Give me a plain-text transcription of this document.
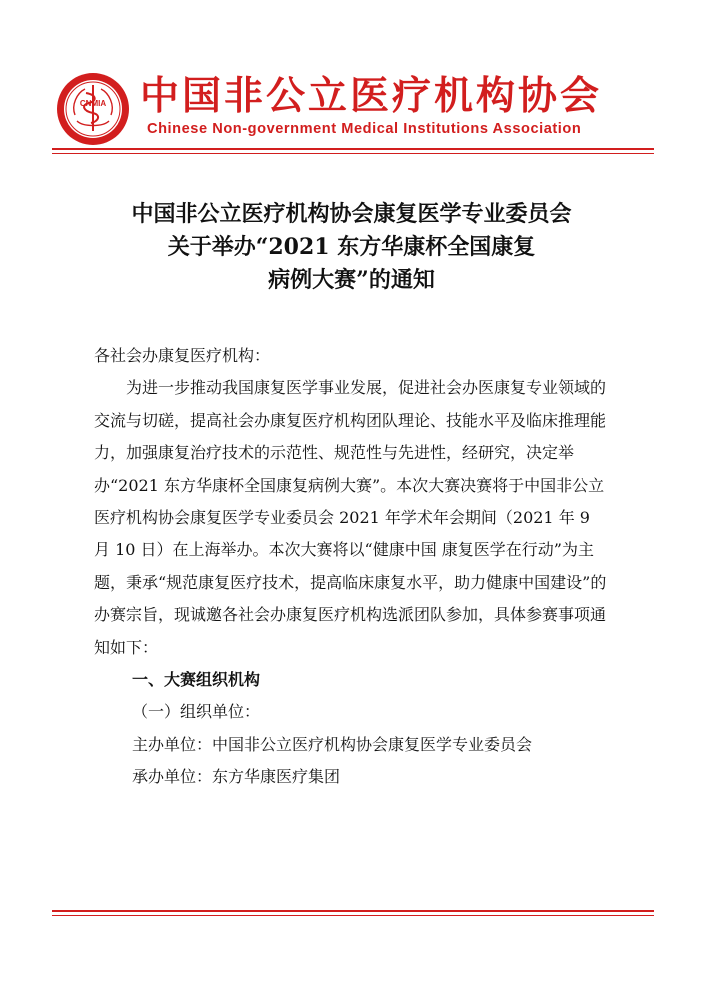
CNMIA 中国非公立医疗机构协会
Chinese Non-government Medical Institutions Association
中国非公立医疗机构协会康复医学专业委员会
关于举办“2021 东方华康杯全国康复
病例大赛”的通知

各社会办康复医疗机构：

为进一步推动我国康复医学事业发展，促进社会办医康复专业领域的交流与切磋，提高社会办康复医疗机构团队理论、技能水平及临床推理能力，加强康复治疗技术的示范性、规范性与先进性，经研究，决定举办“2021 东方华康杯全国康复病例大赛”。本次大赛决赛将于中国非公立医疗机构协会康复医学专业委员会 2021 年学术年会期间（2021 年 9 月 10 日）在上海举办。本次大赛将以“健康中国 康复医学在行动”为主题，秉承“规范康复医疗技术，提高临床康复水平，助力健康中国建设”的办赛宗旨，现诚邀各社会办康复医疗机构选派团队参加，具体参赛事项通知如下：

一、大赛组织机构

（一）组织单位：

主办单位：中国非公立医疗机构协会康复医学专业委员会

承办单位：东方华康医疗集团
